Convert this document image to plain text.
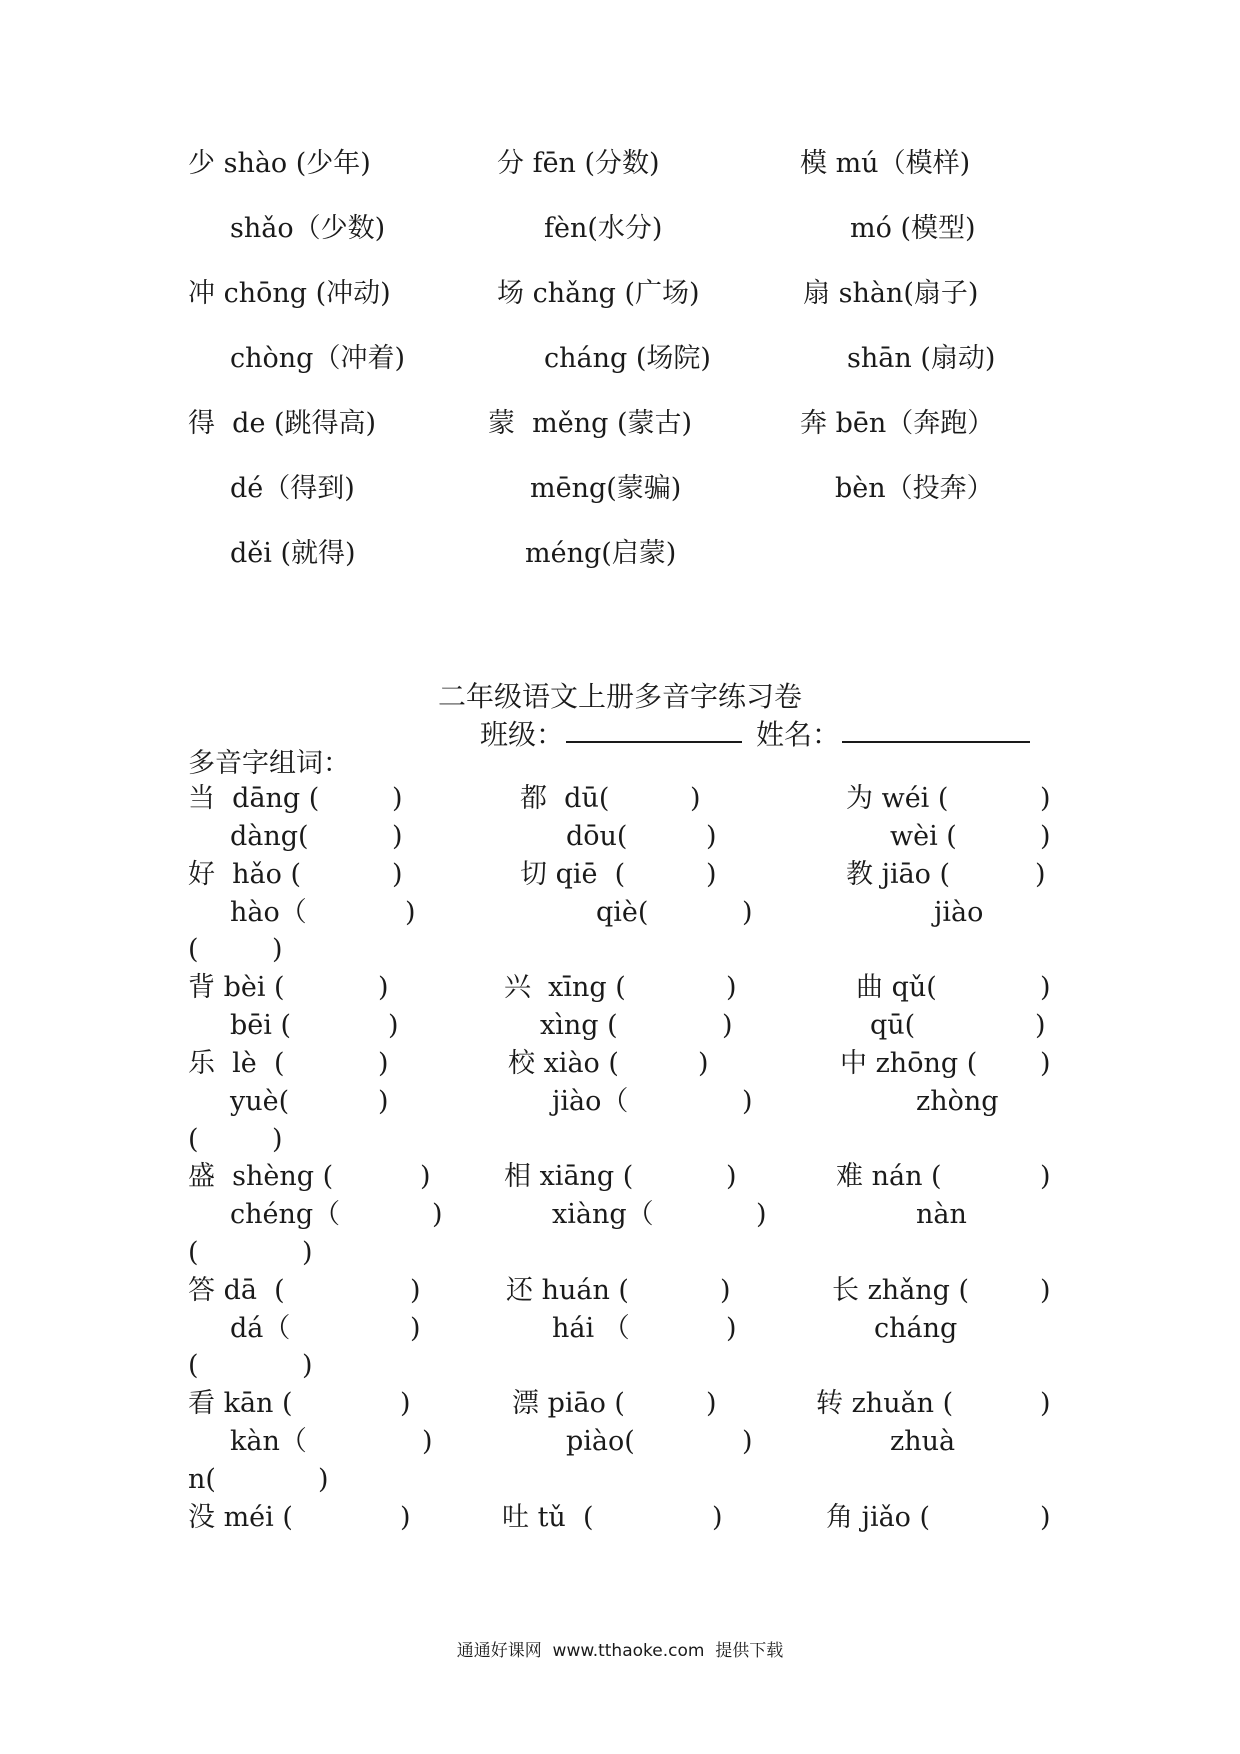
二年级语文上册多音字练习卷
班级：	姓名：
多音字组词：
通通好课网  www.tthaoke.com  提供下载
少 shào (少年)	分 fēn (分数)	模 mú（模样)
shǎo（少数)	fèn(水分)	mó (模型)
冲 chōng (冲动)	场 chǎng (广场)	扇 shàn(扇子)
chòng（冲着)	cháng (场院)	shān (扇动)
得  de (跳得高)	蒙  měng (蒙古)	奔 bēn（奔跑）
dé（得到)	mēng(蒙骗)	bèn（投奔）
děi (就得)	méng(启蒙)
当  dāng (	)	都  dū(	)	为 wéi (	)
dàng(	)	dōu(	)	wèi (	)
好  hǎo (	)	切 qiē  (	)	教 jiāo (	)
hào（	)	qiè(	)	jiào
(	)
背 bèi (	)	兴  xīng (	)	曲 qǔ(	)
bēi (	)	xìng (	)	qū(	)
乐  lè  (	)	校 xiào (	)	中 zhōng ( )
yuè(	)	jiào（	)	zhòng
(	)
盛  shèng (	)	相 xiāng (	)	难 nán (	)
chéng（	)	xiàng（	)	nàn
(	)
答 dā  (	)	还 huán (	)	长 zhǎng (	)
dá（	)	hái （	)	cháng
(	)
看 kān (	)	漂 piāo (	)	转 zhuǎn (	)
kàn（	)	piào(	)	zhuà
n(	)
没 méi (	)	吐 tǔ  (	)	角 jiǎo (	)
